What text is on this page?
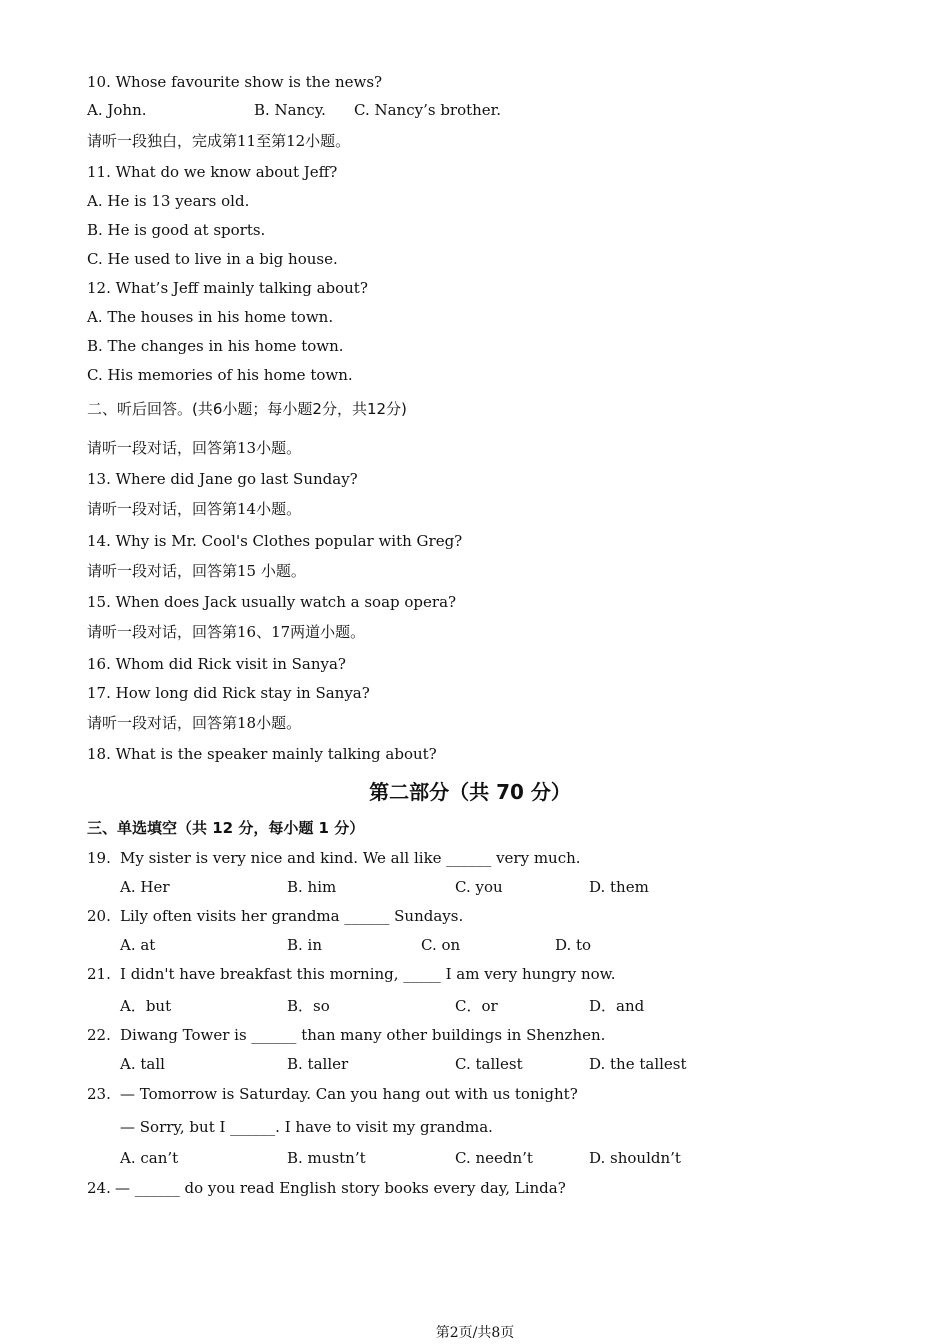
10. Whose favourite show is the news?
A. John.	B. Nancy. C. Nancy’s brother.
请听一段独白，完成第11至第12小题。
11. What do we know about Jeff?
A. He is 13 years old.
B. He is good at sports.
C. He used to live in a big house.
12. What’s Jeff mainly talking about?
A. The houses in his home town.
B. The changes in his home town.
C. His memories of his home town.
二、听后回答。(共6小题；每小题2分，共12分)
请听一段对话，回答第13小题。
13. Where did Jane go last Sunday?
请听一段对话，回答第14小题。
14. Why is Mr. Cool's Clothes popular with Greg?
请听一段对话，回答第15 小题。
15. When does Jack usually watch a soap opera?
请听一段对话，回答第16、17两道小题。
16. Whom did Rick visit in Sanya?
17. How long did Rick stay in Sanya?
请听一段对话，回答第18小题。
18. What is the speaker mainly talking about?
第二部分（共 70 分）
三、单选填空（共 12 分，每小题 1 分）
19. My sister is very nice and kind. We all like ______ very much.
A. Her	B. him	C. you	D. them
20. Lily often visits her grandma ______ Sundays.
A. at	B. in	C. on	D. to
21. I didn't have breakfast this morning, _____ I am very hungry now.
A．but	B．so	C．or	D．and
22. Diwang Tower is ______ than many other buildings in Shenzhen.
A. tall	B. taller	C. tallest	D. the tallest
23. — Tomorrow is Saturday. Can you hang out with us tonight?
— Sorry, but I ______. I have to visit my grandma.
A. can’t	B. mustn’t	C. needn’t	D. shouldn’t
24. — ______ do you read English story books every day, Linda?
第2页/共8页
